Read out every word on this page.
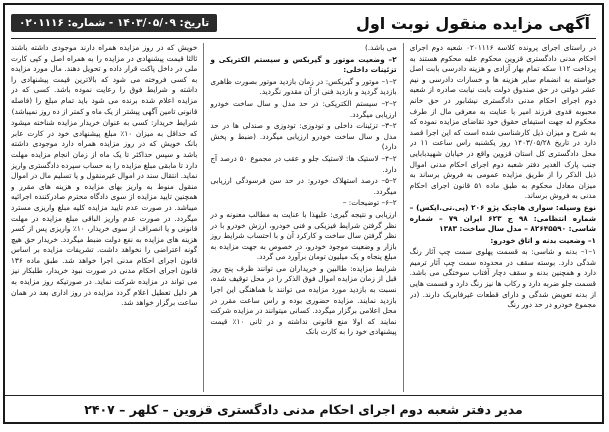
آگهی مزایده منقول نوبت اول
تاریخ: ۱۴۰۳/۰۵/۰۹ - شماره: ۰۲۰۱۱۱۶

در راستای اجرای پرونده کلاسه ۰۲۰۱۱۱۶ شعبه دوم اجرای احکام مدنی دادگستری قزوین محکوم علیه محکوم هستند به پرداخت ۱۱۲ سکه تمام بهار آزادی و هزینه دادرسی بابت اصل خواسته به انضمام سایر هزینه ها و خسارات دادرسی و نیم عشر دولتی در حق صندوق دولت بابت نیابت صادره از شعبه دوم اجرای احکام مدنی دادگستری نیشابور در حق خانم محبوبه فدوی فرزند امیر با عنایت به معرفی مال از طرف محکوم له جهت استیفای حقوق خود تقاضای مزایده نموده که به شرح و میزان ذیل کارشناسی شده است که این اجرا قصد دارد در تاریخ ۱۴۰۳/۰۵/۲۸ روز یکشنبه راس ساعت ۱۱ در محل دادگستری کل استان قزوین واقع در خیابان شهیدبابایی جنب پارک الغدیر دفتر شعبه دوم اجرای احکام مدنی اموال ذیل الذکر را از طریق مزایده عمومی به فروش برساند به میزان معادل محکوم به طبق ماده ۵۱ قانون اجرای احکام مدنی به فروش برساند.

نوع وسیله: سواری هاچبک پژو ۲۰۶ (پی.تی.ایکس) – شماره انتظامی: ۹۸ ج ۶۲۳ ایران ۷۹ – شماره شاسی: ۸۲۶۴۵۵۹۰ – مدل سال ساخت: ۱۳۸۳

۱– وضعیت بدنه و اتاق خودرو:

۱–۱– بدنه و شاسی: به قسمت پهلوی سمت چپ آثار رنگ شدگی دارد. بوسته سقف در محدوده سمت چپ آثار ترمیم دارد و همچنین بدنه و سقف دچار آفتاب سوختگی می باشد. قسمت جلو ضربه دارد و رکاب ها نیز رنگ دارد و قسمت هایی از بدنه تعویض شدگی و دارای قطعات غیرفابریک دارند. (در مجموع خودرو در حد دور رنگ

می باشد.)

۲– وضعیت موتور و گیربکس و سیستم الکتریکی و تزئینات داخلی:

۲–۱– موتور و گیربکس: در زمان بازدید موتور بصورت ظاهری بازدید گردید و بازدید فنی از آن مقدور نگردید.

۲–۲– سیستم الکتریکی: در حد مدل و سال ساخت خودرو ارزیابی میگردد.

۲–۳– تزئینات داخلی و تودوزی: تودوزی و صندلی ها در حد مدل و سال ساخت خودرو ارزیابی میگردد. (ضبط و پخش دارد)

۲–۴– لاستیک ها: لاستیک جلو و عقب در مجموع ۵۰ درصد آج دارد.

۲–۵– درصد استهلاک خودرو: در حد سن فرسودگی ارزیابی میگردد.

۲–۶– توضیحات: –

ارزیابی و نتیجه گیری: علیهذا با عنایت به مطالب معنونه و در نظر گرفتن شرایط فیزیکی و فنی خودرو، ارزش خودرو با در نظر گرفتن سال ساخت و کارکرد آن و با احتساب شرایط روز بازار و وضعیت موجود خودرو، در خصوص به جهت مزایده به مبلغ پنجاه و یک میلیون تومان برآورد می گردد.

شرایط مزایده: طالبین و خریداران می توانند ظرف پنج روز قبل از زمان مزایده اموال فوق الذکر را در محل توقیف شده، نسبت به بازدید مورد مزایده می توانند با هماهنگی این اجرا بازدید نمایند. مزایده حضوری بوده و راس ساعت مقرر در محل اعلامی برگزار میگردد. کسانی میتوانند در مزایده شرکت نمایند که اولا منع قانونی نداشته و در ثانی ۱۰٪ قیمت پیشنهادی خود را به کارت بانک

خویش که در روز مزایده همراه دارند موجودی داشته باشند ثالثا قیمت پیشنهادی در مزایده را به همراه اصل و کپی کارت ملی در داخل پاکت قرار داده و تحویل دهند. مال مورد مزایده به کسی فروخته می شود که بالاترین قیمت پیشنهادی را داشته و شرایط فوق را رعایت نموده باشد. کسی که در مزایده اعلام شده برنده می شود باید تمام مبلغ را (فاصله قانونی تامین آگهی پیشتر از یک ماه و کمتر از ده روز نمیباشد)

شرایط خریدار: کسی به عنوان خریدار مزایده شناخته میشود که حداقل به میزان ۱۰٪ مبلغ پیشنهادی خود در کارت عابر بانک خویش که در روز مزایده همراه دارد موجودی داشته باشد و سپس حداکثر تا یک ماه از زمان انجام مزایده مهلت دارد تا مابقی مبلغ مزایده را به حساب سپرده دادگستری واریز نماید. انتقال سند در اموال غیرمنقول و یا تسلیم مال در اموال منقول منوط به واریز بهای مزایده و هزینه های مقرر و همچنین تایید مزایده از سوی دادگاه محترم صادرکننده اجرائیه میباشد. در صورت عدم تایید مزایده کلیه مبلغ واریزی مسترد میگردد. در صورت عدم واریز الباقی مبلغ مزایده در مهلت قانونی و یا انصراف از سوی خریدار، ۱۰٪ واریزی پس از کسر هزینه های مزایده به نفع دولت ضبط میگردد. خریدار حق هیچ گونه اعتراضی را نخواهد داشت. تشریفات مزایده بر اساس قانون اجرای احکام مدنی اجرا خواهد شد. طبق ماده ۱۳۶ قانون اجرای احکام مدنی در صورت نبود خریدار، طلبکار نیز می تواند در مزایده شرکت نماید. در صورتیکه روز مزایده به هر دلیل تعطیل اعلام گردد مزایده در روز اداری بعد در همان ساعت برگزار خواهد شد.

مدیر دفتر شعبه دوم اجرای احکام مدنی دادگستری قزوین – کلهر – ۲۴۰۷
